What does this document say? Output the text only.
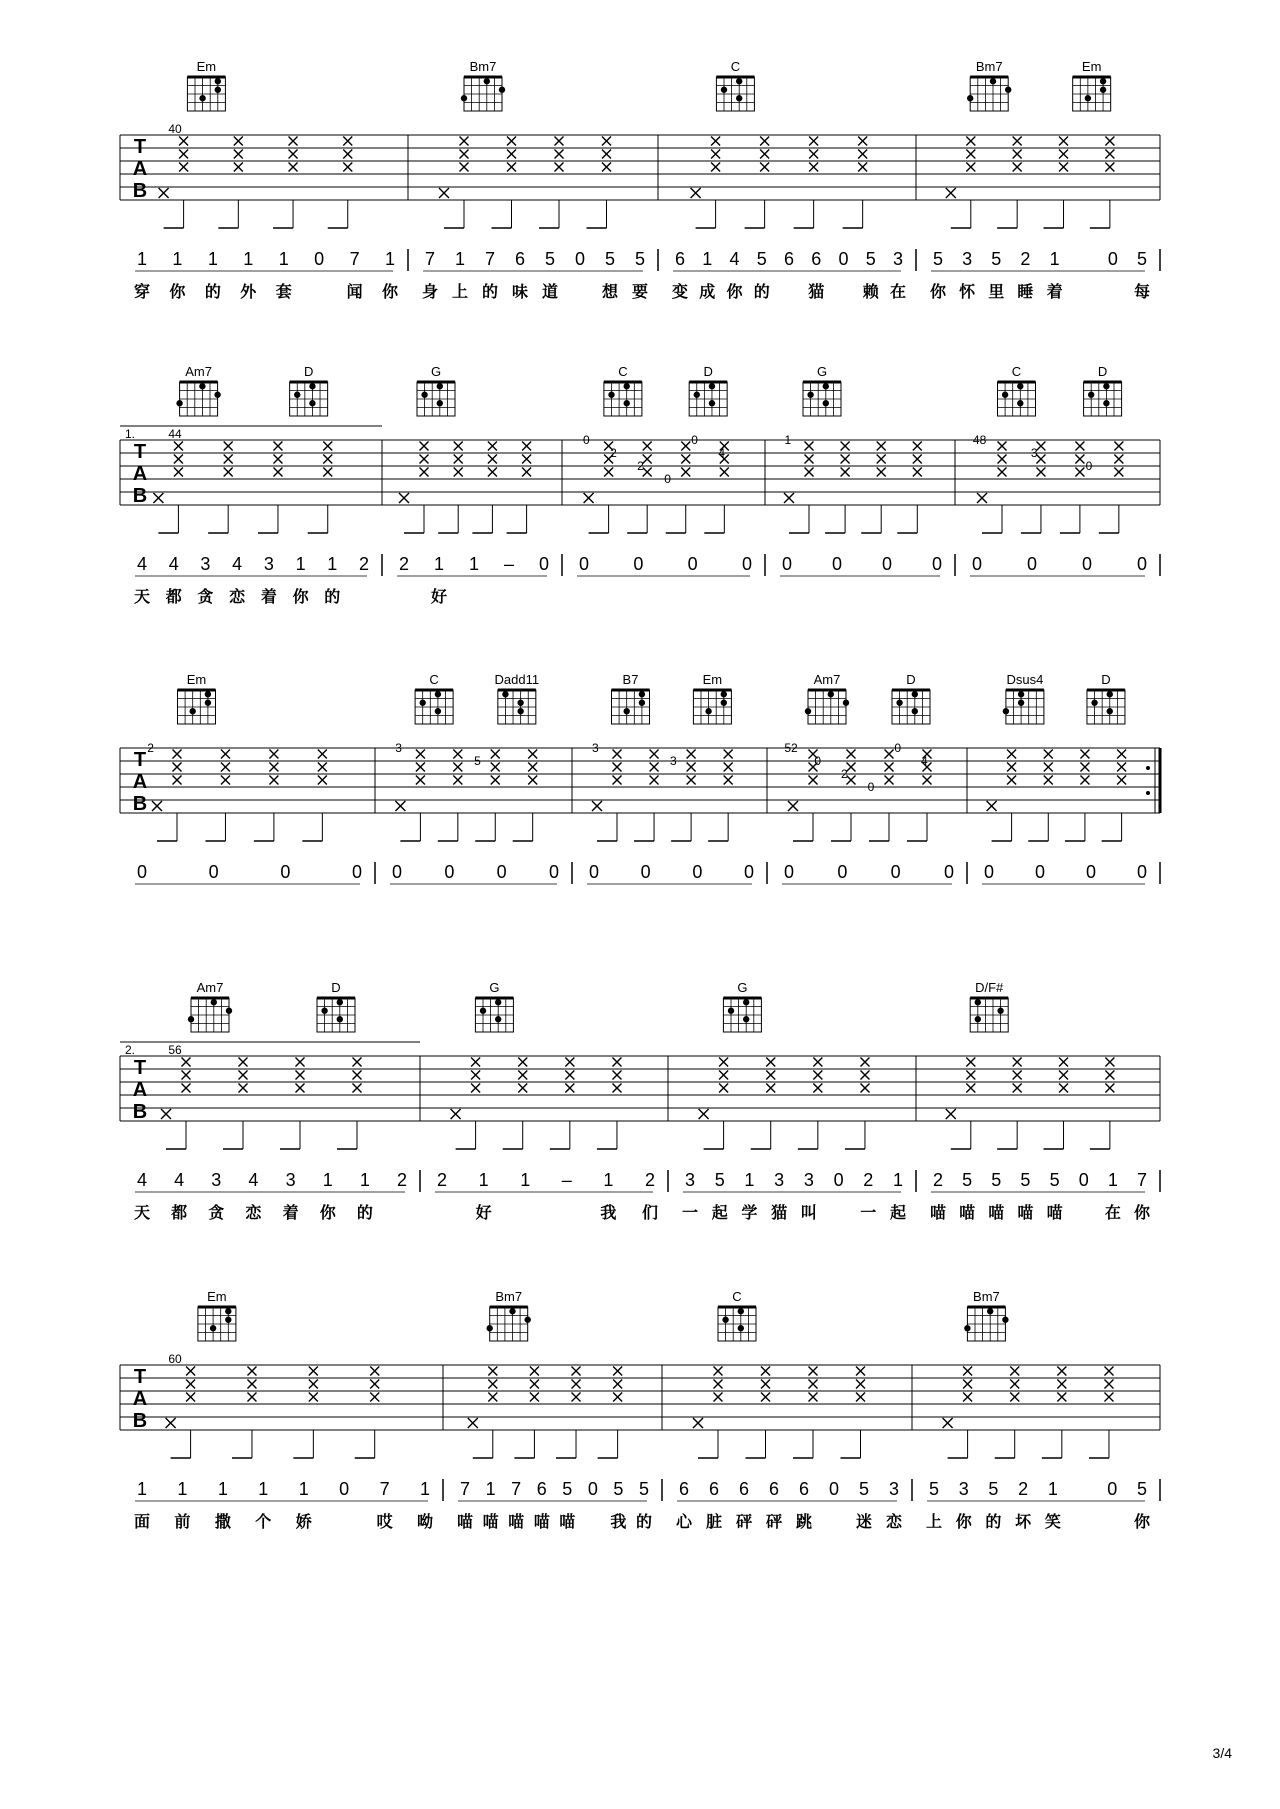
T
A
B
40
Em
1 1 1 1 1 0 7 1
穿 你 的 外 套	闻 你
Bm7
7 1 7 6 5 0 5 5
身 上 的 味 道	想 要
C
6 1 4 5 6 6 0 5 3
变 成 你 的 猫 赖 在
Bm7	Em
5 3 5 2 1	0 5
你 怀 里 睡 着	每
T
A
B
44
1.
Am7	D
4 4 3 4 3 1 1 2
天 都 贪 恋 着 你 的
G
2 1 1 – 0
好
C	D
0
2
2
0
0
4
0 0 0 0
G
1
0 0 0 0
C	D
48
3
0
0 0 0 0
T
A
B
Em
2
0	0	0	0
C	Dadd11
3
5
0 0 0 0
B7	Em
3
3
0 0 0 0
Am7	D
52
0
2
0
0
4
0 0 0 0
Dsus4	D
0 0 0 0
T
A
B
56
2.
Am7	D
4 4 3 4 3 1 1 2
天 都 贪 恋 着 你 的
G
2 1 1 – 1 2
好	我 们
G
3 5 1 3 3 0 2 1
一 起 学 猫 叫	一 起
D/F#
2 5 5 5 5 0 1 7
喵 喵 喵 喵 喵	在 你
T
A
B
60
Em
1 1 1 1 1 0 7 1
面 前 撒 个 娇	哎 呦
Bm7
7 1 7 6 5 0 5 5
喵 喵 喵 喵 喵 我 的
C
6 6 6 6 6 0 5 3
心 脏 砰 砰 跳	迷 恋
Bm7
5 3 5 2 1	0 5
上 你 的 坏 笑	你
3/4
